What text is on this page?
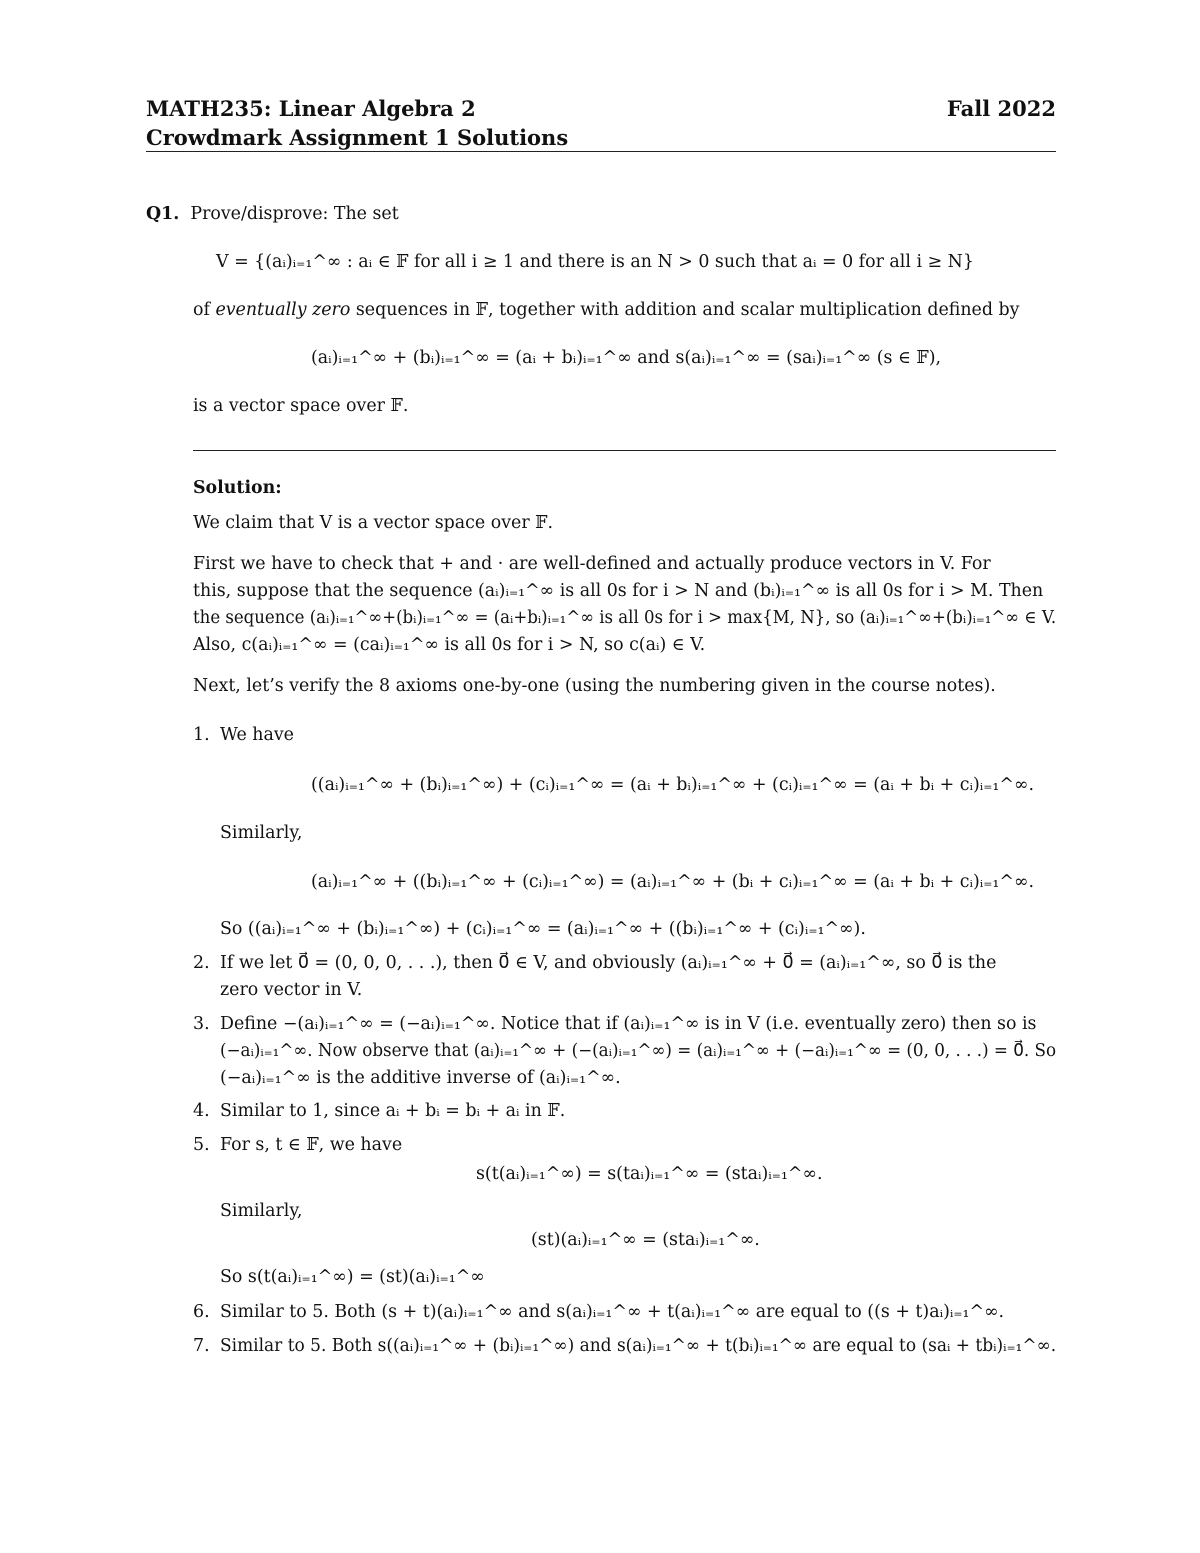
MATH235: Linear Algebra 2	Fall 2022
Crowdmark Assignment 1 Solutions
Q1. Prove/disprove: The set
V = {(aᵢ)ᵢ₌₁^∞ : aᵢ ∈ 𝔽 for all i ≥ 1 and there is an N > 0 such that aᵢ = 0 for all i ≥ N}
of eventually zero sequences in 𝔽, together with addition and scalar multiplication defined by
(aᵢ)ᵢ₌₁^∞ + (bᵢ)ᵢ₌₁^∞ = (aᵢ + bᵢ)ᵢ₌₁^∞ and s(aᵢ)ᵢ₌₁^∞ = (saᵢ)ᵢ₌₁^∞ (s ∈ 𝔽),
is a vector space over 𝔽.
Solution:
We claim that V is a vector space over 𝔽.
First we have to check that + and · are well-defined and actually produce vectors in V. For
this, suppose that the sequence (aᵢ)ᵢ₌₁^∞ is all 0s for i > N and (bᵢ)ᵢ₌₁^∞ is all 0s for i > M. Then
the sequence (aᵢ)ᵢ₌₁^∞+(bᵢ)ᵢ₌₁^∞ = (aᵢ+bᵢ)ᵢ₌₁^∞ is all 0s for i > max{M, N}, so (aᵢ)ᵢ₌₁^∞+(bᵢ)ᵢ₌₁^∞ ∈ V.
Also, c(aᵢ)ᵢ₌₁^∞ = (caᵢ)ᵢ₌₁^∞ is all 0s for i > N, so c(aᵢ) ∈ V.
Next, let’s verify the 8 axioms one-by-one (using the numbering given in the course notes).
1. We have
((aᵢ)ᵢ₌₁^∞ + (bᵢ)ᵢ₌₁^∞) + (cᵢ)ᵢ₌₁^∞ = (aᵢ + bᵢ)ᵢ₌₁^∞ + (cᵢ)ᵢ₌₁^∞ = (aᵢ + bᵢ + cᵢ)ᵢ₌₁^∞.
Similarly,
(aᵢ)ᵢ₌₁^∞ + ((bᵢ)ᵢ₌₁^∞ + (cᵢ)ᵢ₌₁^∞) = (aᵢ)ᵢ₌₁^∞ + (bᵢ + cᵢ)ᵢ₌₁^∞ = (aᵢ + bᵢ + cᵢ)ᵢ₌₁^∞.
So ((aᵢ)ᵢ₌₁^∞ + (bᵢ)ᵢ₌₁^∞) + (cᵢ)ᵢ₌₁^∞ = (aᵢ)ᵢ₌₁^∞ + ((bᵢ)ᵢ₌₁^∞ + (cᵢ)ᵢ₌₁^∞).
2. If we let 0⃗ = (0, 0, 0, . . .), then 0⃗ ∈ V, and obviously (aᵢ)ᵢ₌₁^∞ + 0⃗ = (aᵢ)ᵢ₌₁^∞, so 0⃗ is the
zero vector in V.
3. Define −(aᵢ)ᵢ₌₁^∞ = (−aᵢ)ᵢ₌₁^∞. Notice that if (aᵢ)ᵢ₌₁^∞ is in V (i.e. eventually zero) then so is
(−aᵢ)ᵢ₌₁^∞. Now observe that (aᵢ)ᵢ₌₁^∞ + (−(aᵢ)ᵢ₌₁^∞) = (aᵢ)ᵢ₌₁^∞ + (−aᵢ)ᵢ₌₁^∞ = (0, 0, . . .) = 0⃗. So
(−aᵢ)ᵢ₌₁^∞ is the additive inverse of (aᵢ)ᵢ₌₁^∞.
4. Similar to 1, since aᵢ + bᵢ = bᵢ + aᵢ in 𝔽.
5. For s, t ∈ 𝔽, we have
s(t(aᵢ)ᵢ₌₁^∞) = s(taᵢ)ᵢ₌₁^∞ = (staᵢ)ᵢ₌₁^∞.
Similarly,
(st)(aᵢ)ᵢ₌₁^∞ = (staᵢ)ᵢ₌₁^∞.
So s(t(aᵢ)ᵢ₌₁^∞) = (st)(aᵢ)ᵢ₌₁^∞
6. Similar to 5. Both (s + t)(aᵢ)ᵢ₌₁^∞ and s(aᵢ)ᵢ₌₁^∞ + t(aᵢ)ᵢ₌₁^∞ are equal to ((s + t)aᵢ)ᵢ₌₁^∞.
7. Similar to 5. Both s((aᵢ)ᵢ₌₁^∞ + (bᵢ)ᵢ₌₁^∞) and s(aᵢ)ᵢ₌₁^∞ + t(bᵢ)ᵢ₌₁^∞ are equal to (saᵢ + tbᵢ)ᵢ₌₁^∞.
